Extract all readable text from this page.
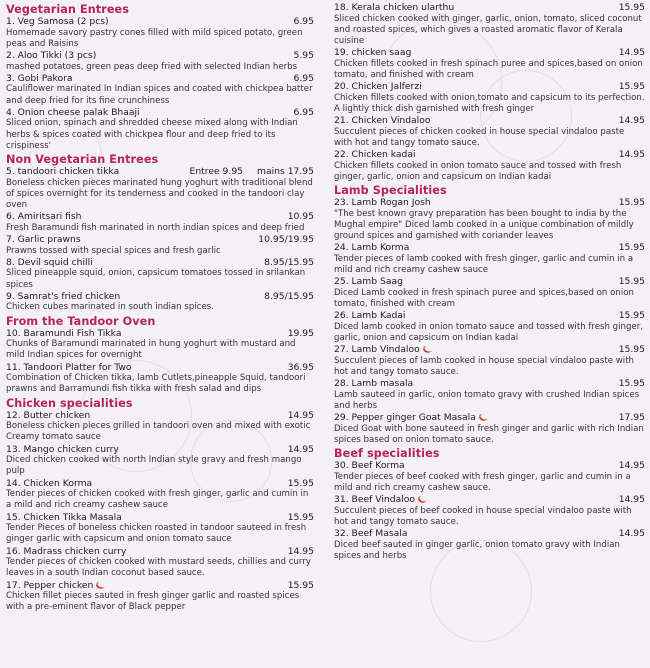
Vegetarian Entrees
1. Veg Samosa (2 pcs)	6.95
Homemade savory pastry cones filled with mild spiced potato, green peas and Raisins
2. Aloo Tikki (3 pcs)	5.95
mashed potatoes, green peas deep fried with selected Indian herbs
3. Gobi Pakora	6.95
Cauliflower marinated In Indian spices and coated with chickpea batter and deep fried for its fine crunchiness
4. Onion cheese palak Bhaaji	6.95
Sliced onion, spinach and shredded cheese mixed along with Indian herbs & spices coated with chickpea flour and deep fried to its crispiness'
Non Vegetarian Entrees
5. tandoori chicken tikka	Entree 9.95	mains 17.95
Boneless chicken pieces marinated hung yoghurt with traditional blend of spices overnight for its tenderness and cooked in the tandoori clay oven
6. Amiritsari fish	10.95
Fresh Baramundi fish marinated in north indian spices and deep fried
7. Garlic prawns	10.95/19.95
Prawns tossed with special spices and fresh garlic
8. Devil squid chilli	8.95/15.95
Sliced pineapple squid, onion, capsicum tomatoes tossed in srilankan spices
9. Samrat's fried chicken	8.95/15.95
Chicken cubes marinated in south indian spices.
From the Tandoor Oven
10. Baramundi Fish Tikka	19.95
Chunks of Baramundi marinated in hung yoghurt with mustard and mild Indian spices for overnight
11. Tandoori Platter for Two	36.95
Combination of Chicken tikka, lamb Cutlets,pineapple Squid, tandoori prawns and Barramundi fish tikka with fresh salad and dips
Chicken specialities
12. Butter chicken	14.95
Boneless chicken pieces grilled in tandoori oven and mixed with exotic Creamy tomato sauce
13. Mango chicken curry	14.95
Diced chicken cooked with north Indian style gravy and fresh mango pulp
14. Chicken Korma	15.95
Tender pieces of chicken cooked with fresh ginger, garlic and cumin in a mild and rich creamy cashew sauce
15. Chicken Tikka Masala	15.95
Tender Pieces of boneless chicken roasted in tandoor sauteed in fresh ginger garlic with capsicum and onion tomato sauce
16. Madrass chicken curry	14.95
Tender pieces of chicken cooked with mustard seeds, chillies and curry leaves in a south Indian coconut based sauce.
17. Pepper chicken	15.95
Chicken fillet pieces sauted in fresh ginger garlic and roasted spices with a pre-eminent flavor of Black pepper
18. Kerala chicken ularthu	15.95
Sliced chicken cooked with ginger, garlic, onion, tomato, sliced coconut and roasted spices, which gives a roasted aromatic flavor of Kerala cuisine
19. chicken saag	14.95
Chicken fillets cooked in fresh spinach puree and spices,based on onion tomato, and finished with cream
20. Chicken Jalferzi	15.95
Chicken fillets cooked with onion,tomato and capsicum to its perfection. A lightly thick dish garnished with fresh ginger
21. Chicken Vindaloo	14.95
Succulent pieces of chicken cooked in house special vindaloo paste with hot and tangy tomato sauce.
22. Chicken kadai	14.95
Chicken fillets cooked in onion tomato sauce and tossed with fresh ginger, garlic, onion and capsicum on Indian kadai
Lamb Specialities
23. Lamb Rogan Josh	15.95
"The best known gravy preparation has been bought to india by the Mughal empire" Diced lamb cooked in a unique combination of mildly ground spices and garnished with coriander leaves
24. Lamb Korma	15.95
Tender pieces of lamb cooked with fresh ginger, garlic and cumin in a mild and rich creamy cashew sauce
25. Lamb Saag	15.95
Diced Lamb cooked in fresh spinach puree and spices,based on onion tomato, finished with cream
26. Lamb Kadai	15.95
Diced lamb cooked in onion tomato sauce and tossed with fresh ginger, garlic, onion and capsicum on Indian kadai
27. Lamb Vindaloo	15.95
Succulent pieces of lamb cooked in house special vindaloo paste with hot and tangy tomato sauce.
28. Lamb masala	15.95
Lamb sauteed in garlic, onion tomato gravy with crushed Indian spices and herbs
29. Pepper ginger Goat Masala	17.95
Diced Goat with bone sauteed in fresh ginger and garlic with rich Indian spices based on onion tomato sauce.
Beef specialities
30. Beef Korma	14.95
Tender pieces of beef cooked with fresh ginger, garlic and cumin in a mild and rich creamy cashew sauce.
31. Beef Vindaloo	14.95
Succulent pieces of beef cooked in house special vindaloo paste with hot and tangy tomato sauce.
32. Beef Masala	14.95
Diced beef sauted in ginger garlic, onion tomato gravy with Indian spices and herbs
